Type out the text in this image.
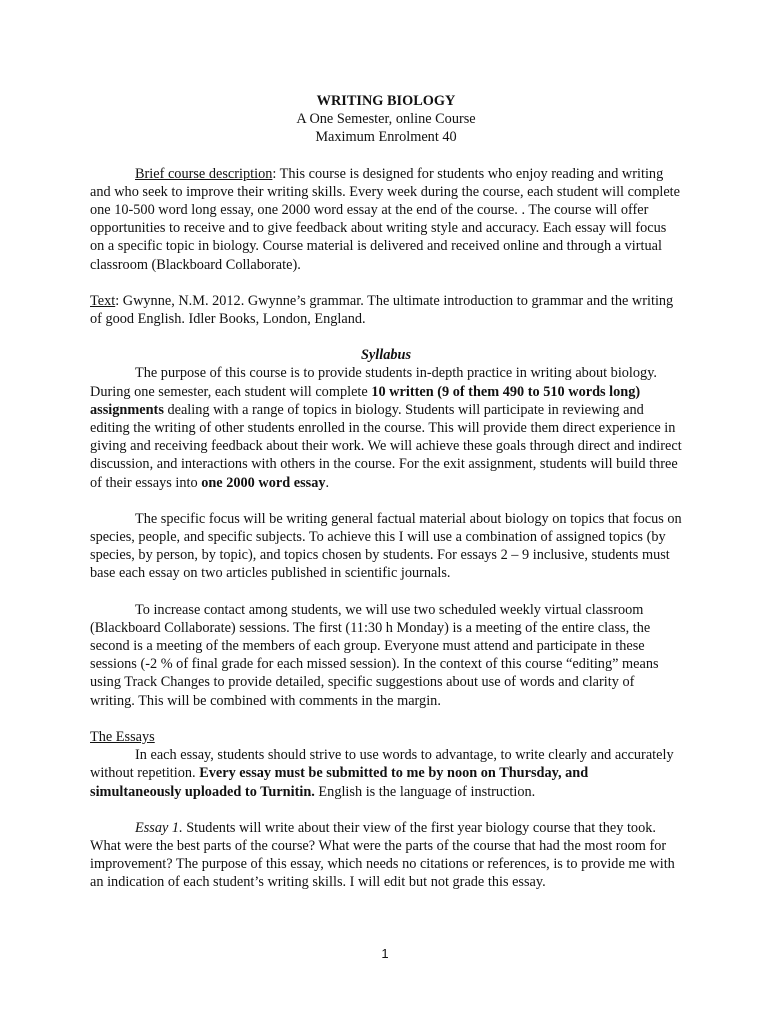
WRITING BIOLOGY

A One Semester, online Course

Maximum Enrolment 40

Brief course description: This course is designed for students who enjoy reading and writing and who seek to improve their writing skills. Every week during the course, each student will complete one 10-500 word long essay, one 2000 word essay at the end of the course. . The course will offer opportunities to receive and to give feedback about writing style and accuracy. Each essay will focus on a specific topic in biology. Course material is delivered and received online and through a virtual classroom (Blackboard Collaborate).

Text: Gwynne, N.M. 2012. Gwynne’s grammar. The ultimate introduction to grammar and the writing of good English. Idler Books, London, England.

Syllabus

The purpose of this course is to provide students in-depth practice in writing about biology. During one semester, each student will complete 10 written (9 of them 490 to 510 words long) assignments dealing with a range of topics in biology. Students will participate in reviewing and editing the writing of other students enrolled in the course. This will provide them direct experience in giving and receiving feedback about their work. We will achieve these goals through direct and indirect discussion, and interactions with others in the course. For the exit assignment, students will build three of their essays into one 2000 word essay.

The specific focus will be writing general factual material about biology on topics that focus on species, people, and specific subjects. To achieve this I will use a combination of assigned topics (by species, by person, by topic), and topics chosen by students. For essays 2 – 9 inclusive, students must base each essay on two articles published in scientific journals.

To increase contact among students, we will use two scheduled weekly virtual classroom (Blackboard Collaborate) sessions. The first (11:30 h Monday) is a meeting of the entire class, the second is a meeting of the members of each group. Everyone must attend and participate in these sessions (-2 % of final grade for each missed session). In the context of this course “editing” means using Track Changes to provide detailed, specific suggestions about use of words and clarity of writing. This will be combined with comments in the margin.

The Essays

In each essay, students should strive to use words to advantage, to write clearly and accurately without repetition. Every essay must be submitted to me by noon on Thursday, and simultaneously uploaded to Turnitin. English is the language of instruction.

Essay 1. Students will write about their view of the first year biology course that they took. What were the best parts of the course? What were the parts of the course that had the most room for improvement? The purpose of this essay, which needs no citations or references, is to provide me with an indication of each student’s writing skills. I will edit but not grade this essay.

1
